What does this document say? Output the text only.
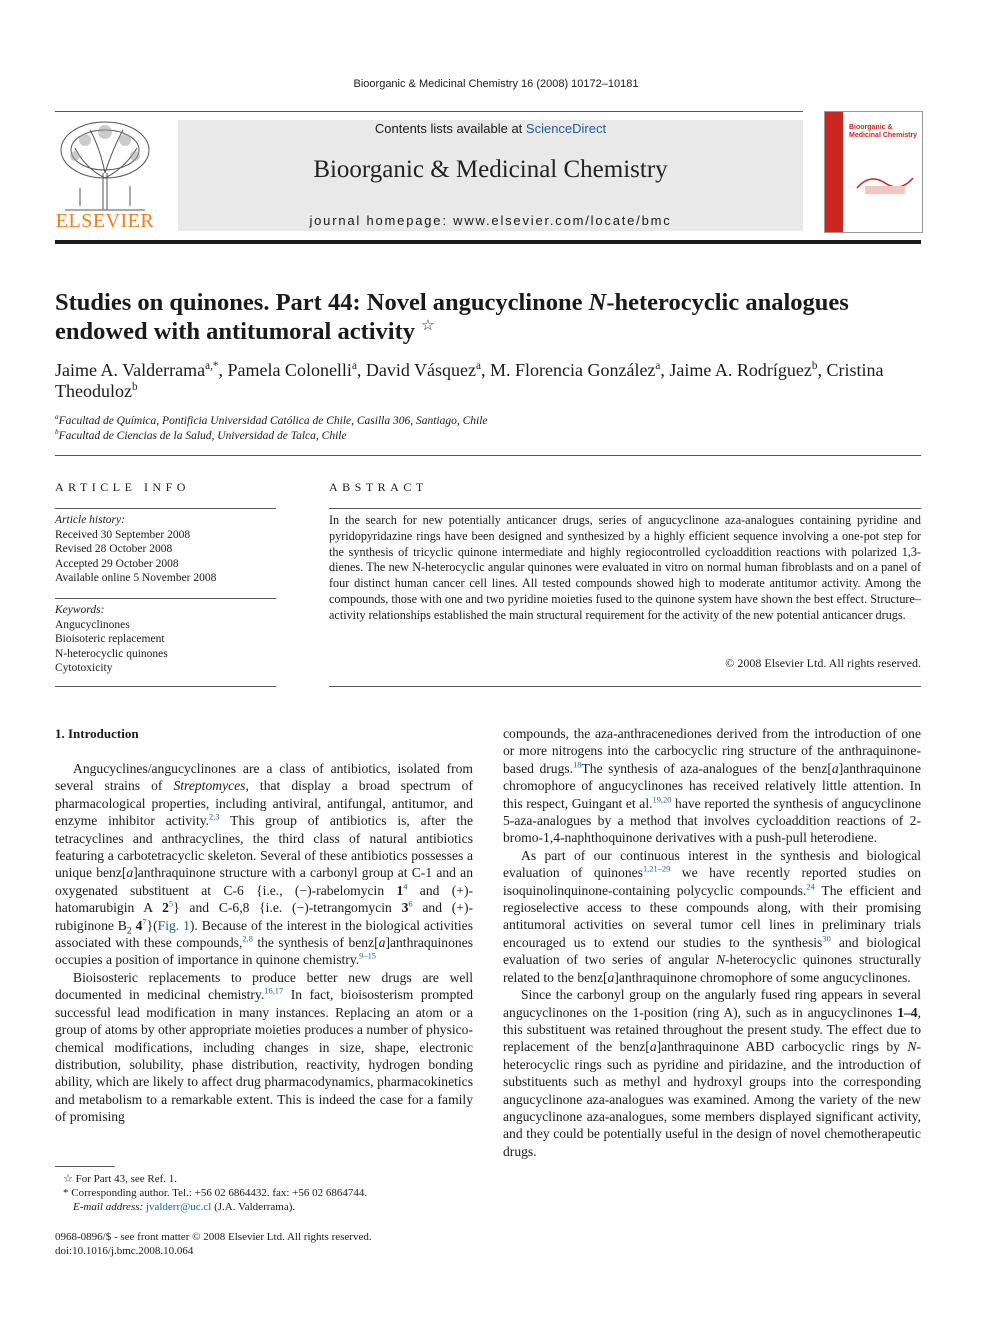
Bioorganic & Medicinal Chemistry 16 (2008) 10172–10181
ELSEVIER
Contents lists available at ScienceDirect
Bioorganic & Medicinal Chemistry
journal homepage: www.elsevier.com/locate/bmc
Bioorganic & Medicinal Chemistry
Studies on quinones. Part 44: Novel angucyclinone N-heterocyclic analogues endowed with antitumoral activity ☆
Jaime A. Valderrama$^{a,*}$, Pamela Colonelli$^a$, David Vásquez$^a$, M. Florencia González$^a$, Jaime A. Rodríguez$^b$, Cristina Theoduloz$^b$
$^a$Facultad de Química, Pontificia Universidad Católica de Chile, Casilla 306, Santiago, Chile
$^b$Facultad de Ciencias de la Salud, Universidad de Talca, Chile
ARTICLE INFO	ABSTRACT
Article history:
Received 30 September 2008
Revised 28 October 2008
Accepted 29 October 2008
Available online 5 November 2008
Keywords:
Angucyclinones
Bioisoteric replacement
N-heterocyclic quinones
Cytotoxicity
In the search for new potentially anticancer drugs, series of angucyclinone aza-analogues containing pyridine and pyridopyridazine rings have been designed and synthesized by a highly efficient sequence involving a one-pot step for the synthesis of tricyclic quinone intermediate and highly regiocontrolled cycloaddition reactions with polarized 1,3-dienes. The new N-heterocyclic angular quinones were evaluated in vitro on normal human fibroblasts and on a panel of four distinct human cancer cell lines. All tested compounds showed high to moderate antitumor activity. Among the compounds, those with one and two pyridine moieties fused to the quinone system have shown the best effect. Structure–activity relationships established the main structural requirement for the activity of the new potential anticancer drugs.
© 2008 Elsevier Ltd. All rights reserved.
1. Introduction

Angucyclines/angucyclinones are a class of antibiotics, isolated from several strains of Streptomyces, that display a broad spectrum of pharmacological properties, including antiviral, antifungal, antitumor, and enzyme inhibitor activity.$^{2,3}$ This group of antibiotics is, after the tetracyclines and anthracyclines, the third class of natural antibiotics featuring a carbotetracyclic skeleton. Several of these antibiotics possesses a unique benz[a]anthraquinone structure with a carbonyl group at C-1 and an oxygenated substituent at C-6 {i.e., (−)-rabelomycin 1$^4$ and (+)-hatomarubigin A 2$^5$} and C-6,8 {i.e. (−)-tetrangomycin 3$^6$ and (+)-rubiginone $B_2$ 4$^7$}(Fig. 1). Because of the interest in the biological activities associated with these compounds,$^{2,8}$ the synthesis of benz[a]anthraquinones occupies a position of importance in quinone chemistry.$^{9-15}$

Bioisosteric replacements to produce better new drugs are well documented in medicinal chemistry.$^{16,17}$ In fact, bioisosterism prompted successful lead modification in many instances. Replacing an atom or a group of atoms by other appropriate moieties produces a number of physico-chemical modifications, including changes in size, shape, electronic distribution, solubility, phase distribution, reactivity, hydrogen bonding ability, which are likely to affect drug pharmacodynamics, pharmacokinetics and metabolism to a remarkable extent. This is indeed the case for a family of promising

compounds, the aza-anthracenediones derived from the introduction of one or more nitrogens into the carbocyclic ring structure of the anthraquinone-based drugs.$^{18}$The synthesis of aza-analogues of the benz[a]anthraquinone chromophore of angucyclinones has received relatively little attention. In this respect, Guingant et al.$^{19,20}$ have reported the synthesis of angucyclinone 5-aza-analogues by a method that involves cycloaddition reactions of 2-bromo-1,4-naphthoquinone derivatives with a push-pull heterodiene.

As part of our continuous interest in the synthesis and biological evaluation of quinones$^{1,21-29}$ we have recently reported studies on isoquinolinquinone-containing polycyclic compounds.$^{24}$ The efficient and regioselective access to these compounds along, with their promising antitumoral activities on several tumor cell lines in preliminary trials encouraged us to extend our studies to the synthesis$^{30}$ and biological evaluation of two series of angular N-heterocyclic quinones structurally related to the benz[a]anthraquinone chromophore of some angucyclinones.

Since the carbonyl group on the angularly fused ring appears in several angucyclinones on the 1-position (ring A), such as in angucyclinones 1–4, this substituent was retained throughout the present study. The effect due to replacement of the benz[a]anthraquinone ABD carbocyclic rings by N-heterocyclic rings such as pyridine and piridazine, and the introduction of substituents such as methyl and hydroxyl groups into the corresponding angucyclinone aza-analogues was examined. Among the variety of the new angucyclinone aza-analogues, some members displayed significant activity, and they could be potentially useful in the design of novel chemotherapeutic drugs.

☆ For Part 43, see Ref. 1.
* Corresponding author. Tel.: +56 02 6864432. fax: +56 02 6864744.
E-mail address: jvalderr@uc.cl (J.A. Valderrama).
0968-0896/$ - see front matter © 2008 Elsevier Ltd. All rights reserved.
doi:10.1016/j.bmc.2008.10.064
